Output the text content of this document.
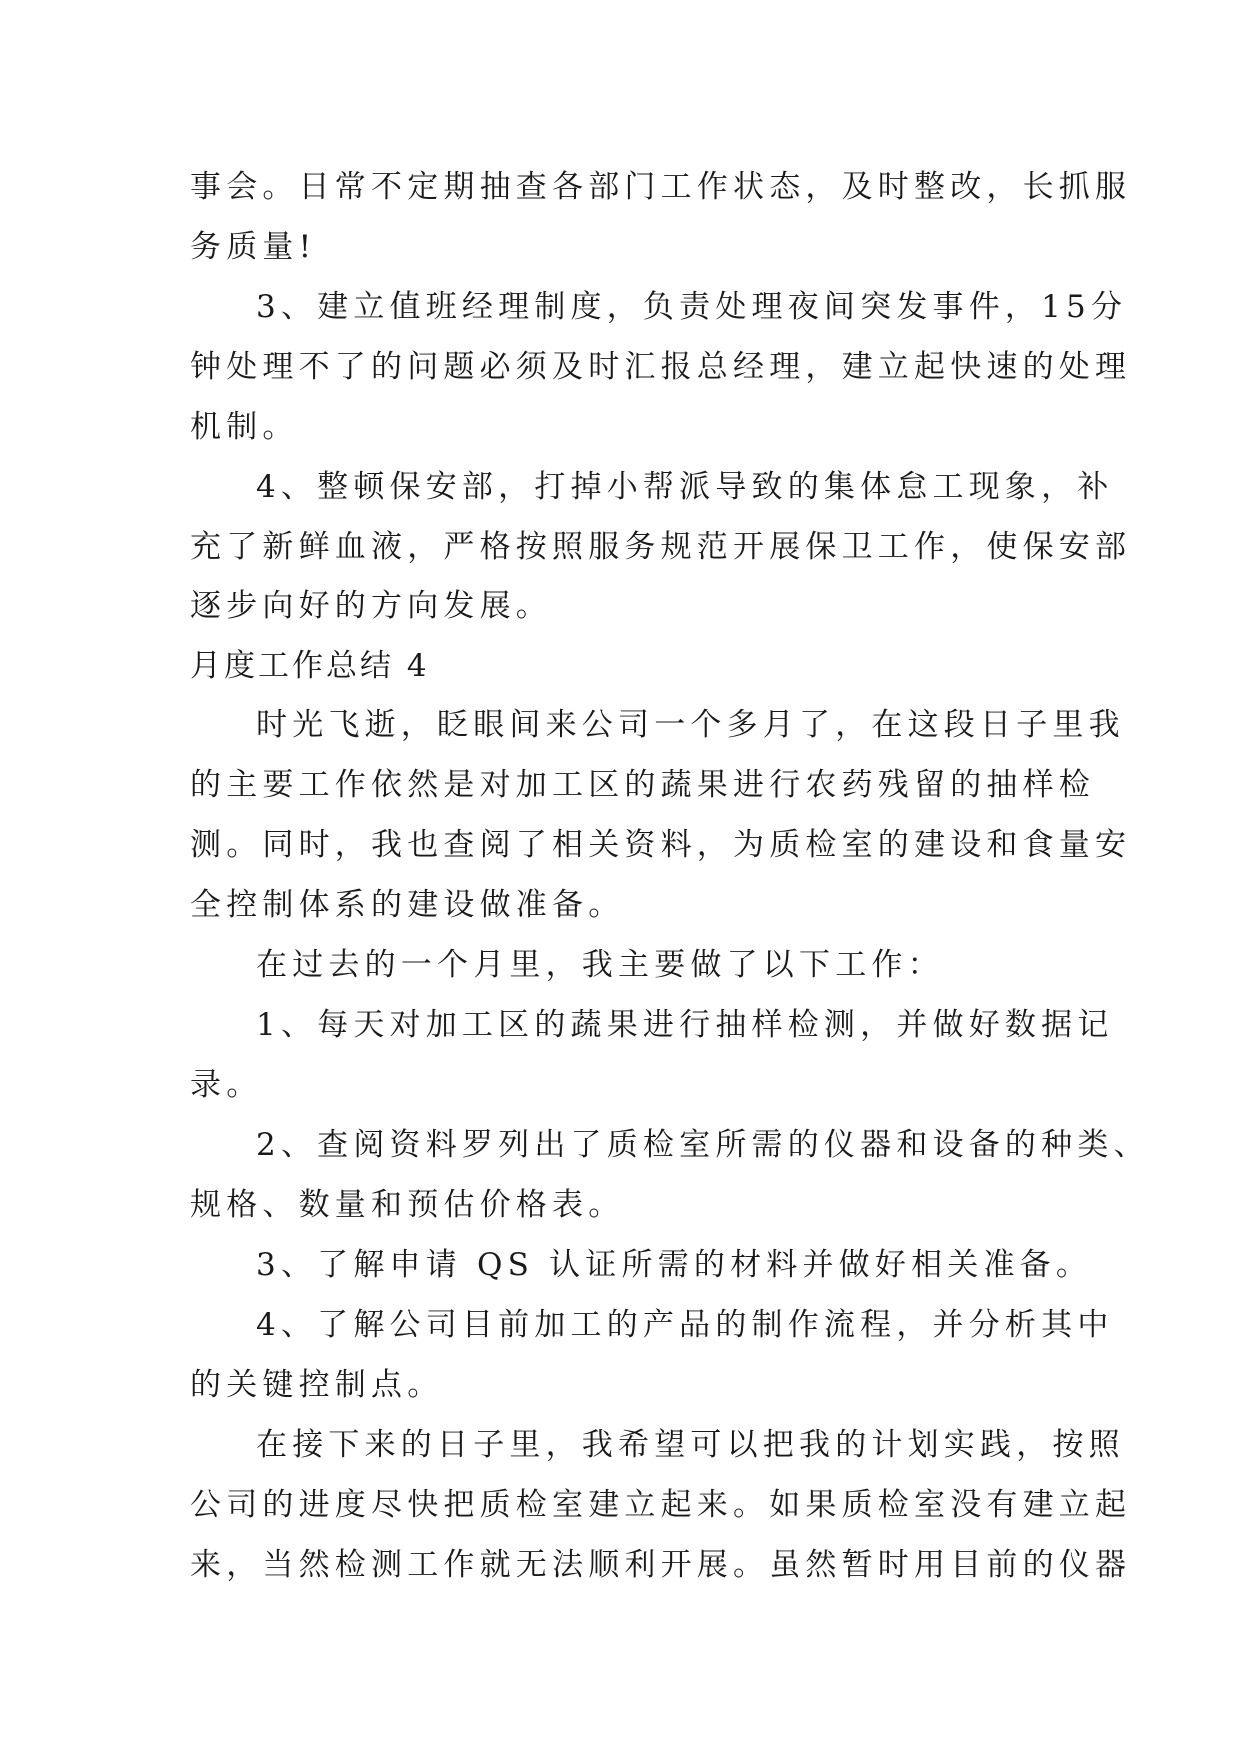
事会。日常不定期抽查各部门工作状态，及时整改，长抓服
务质量!
3、建立值班经理制度，负责处理夜间突发事件，15分
钟处理不了的问题必须及时汇报总经理，建立起快速的处理
机制。
4、整顿保安部，打掉小帮派导致的集体怠工现象，补
充了新鲜血液，严格按照服务规范开展保卫工作，使保安部
逐步向好的方向发展。
月度工作总结 4
时光飞逝，眨眼间来公司一个多月了，在这段日子里我
的主要工作依然是对加工区的蔬果进行农药残留的抽样检
测。同时，我也查阅了相关资料，为质检室的建设和食量安
全控制体系的建设做准备。
在过去的一个月里，我主要做了以下工作：
1、每天对加工区的蔬果进行抽样检测，并做好数据记
录。
2、查阅资料罗列出了质检室所需的仪器和设备的种类、
规格、数量和预估价格表。
3、了解申请 QS 认证所需的材料并做好相关准备。
4、了解公司目前加工的产品的制作流程，并分析其中
的关键控制点。
在接下来的日子里，我希望可以把我的计划实践，按照
公司的进度尽快把质检室建立起来。如果质检室没有建立起
来，当然检测工作就无法顺利开展。虽然暂时用目前的仪器
